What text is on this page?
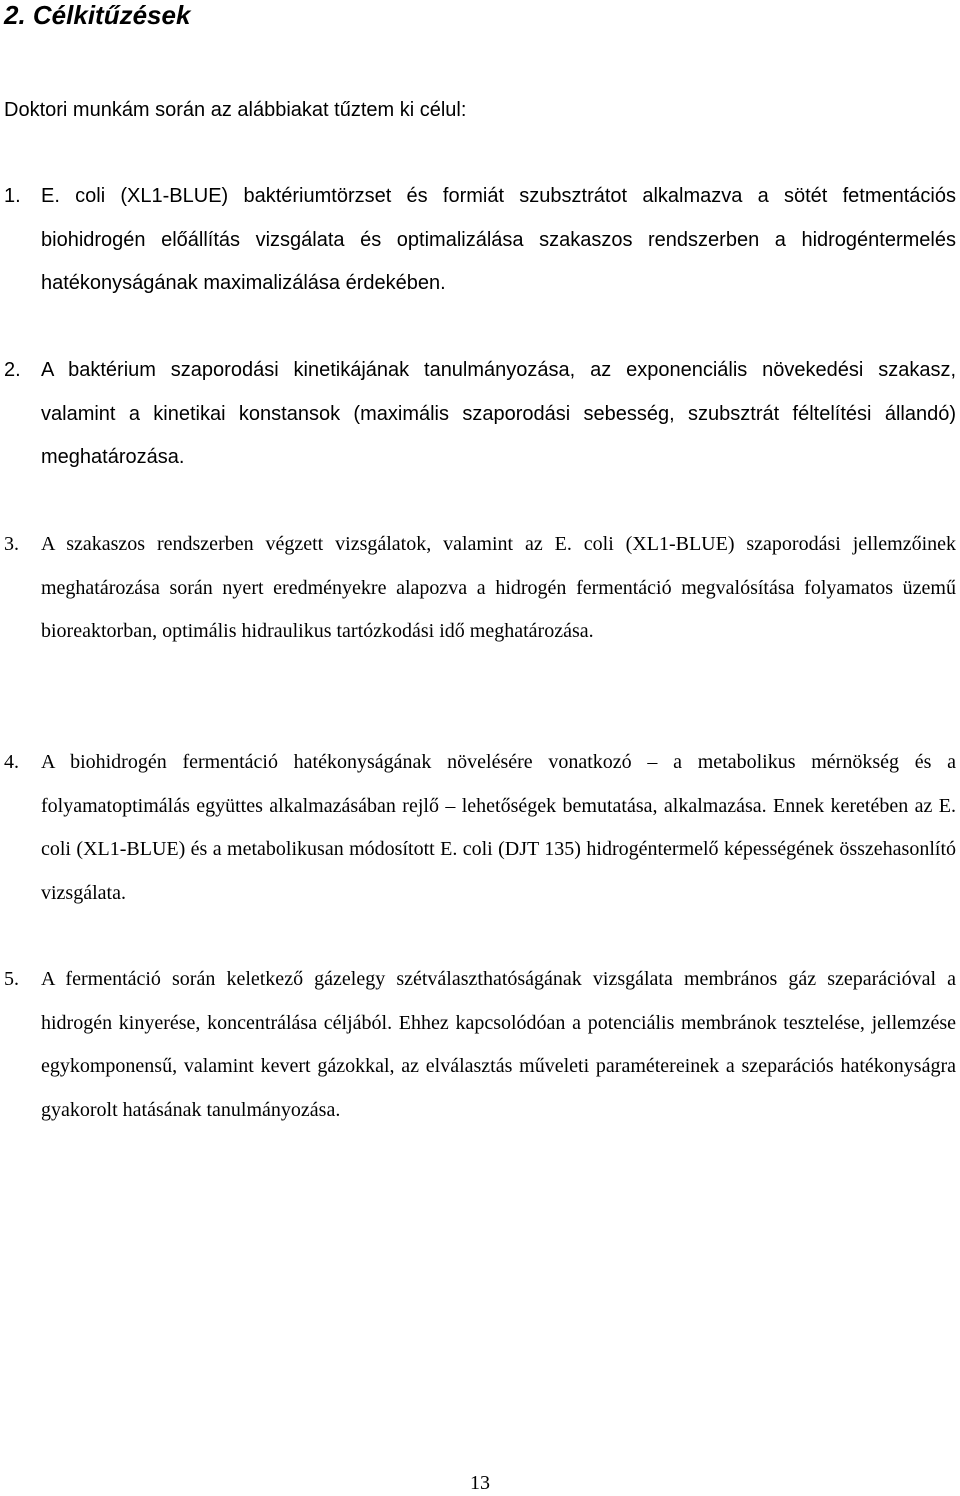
2. Célkitűzések

Doktori munkám során az alábbiakat tűztem ki célul:

1. E. coli (XL1-BLUE) baktériumtörzset és formiát szubsztrátot alkalmazva a sötét fetmentációs biohidrogén előállítás vizsgálata és optimalizálása szakaszos rendszerben a hidrogéntermelés hatékonyságának maximalizálása érdekében.
2. A baktérium szaporodási kinetikájának tanulmányozása, az exponenciális növekedési szakasz, valamint a kinetikai konstansok (maximális szaporodási sebesség, szubsztrát féltelítési állandó) meghatározása.
3. A szakaszos rendszerben végzett vizsgálatok, valamint az E. coli (XL1-BLUE) szaporodási jellemzőinek meghatározása során nyert eredményekre alapozva a hidrogén fermentáció megvalósítása folyamatos üzemű bioreaktorban, optimális hidraulikus tartózkodási idő meghatározása.
4. A biohidrogén fermentáció hatékonyságának növelésére vonatkozó – a metabolikus mérnökség és a folyamatoptimálás együttes alkalmazásában rejlő – lehetőségek bemutatása, alkalmazása. Ennek keretében az E. coli (XL1-BLUE) és a metabolikusan módosított E. coli (DJT 135) hidrogéntermelő képességének összehasonlító vizsgálata.
5. A fermentáció során keletkező gázelegy szétválaszthatóságának vizsgálata membrános gáz szeparációval a hidrogén kinyerése, koncentrálása céljából. Ehhez kapcsolódóan a potenciális membránok tesztelése, jellemzése egykomponensű, valamint kevert gázokkal, az elválasztás műveleti paramétereinek a szeparációs hatékonyságra gyakorolt hatásának tanulmányozása.
13
